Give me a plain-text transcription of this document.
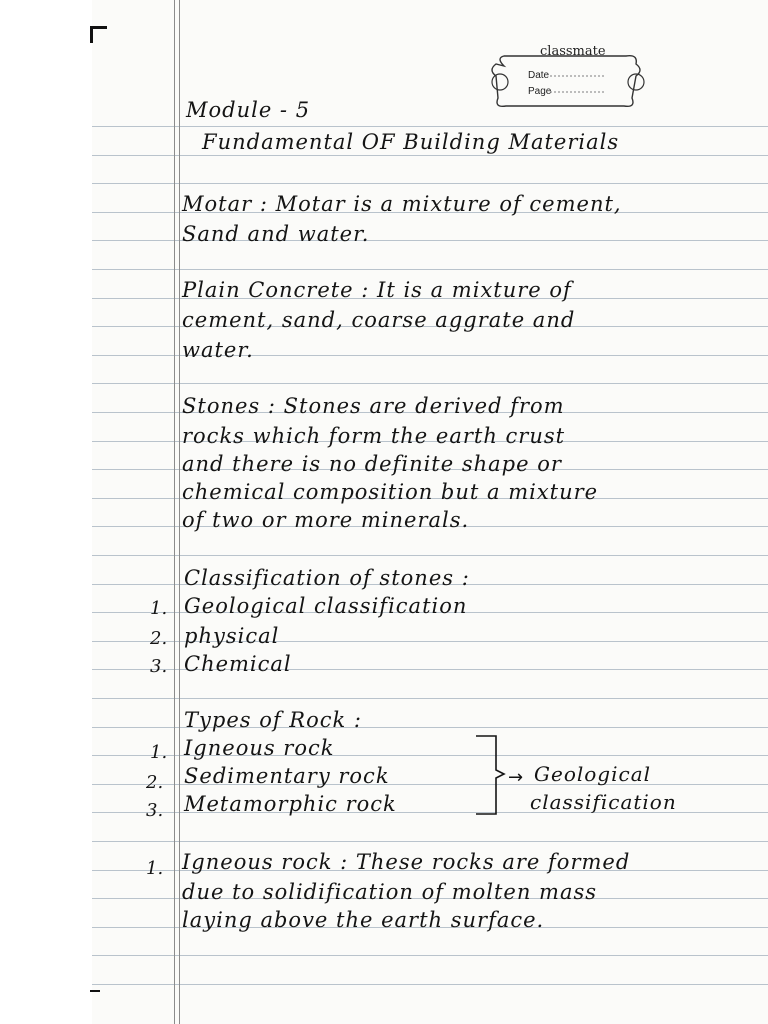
classmate
Date
Page
Module - 5
Fundamental OF Building Materials
Motar : Motar is a mixture of cement,
Sand and water.
Plain Concrete : It is a mixture of
cement, sand, coarse aggrate and
water.
Stones : Stones are derived from
rocks which form the earth crust
and there is no definite shape or
chemical composition but a mixture
of two or more minerals.
Classification of stones :
1. Geological classification
2. physical
3. Chemical
Types of Rock :
1. Igneous rock
2. Sedimentary rock
3. Metamorphic rock
→ Geological
classification
1. Igneous rock : These rocks are formed
due to solidification of molten mass
laying above the earth surface.
